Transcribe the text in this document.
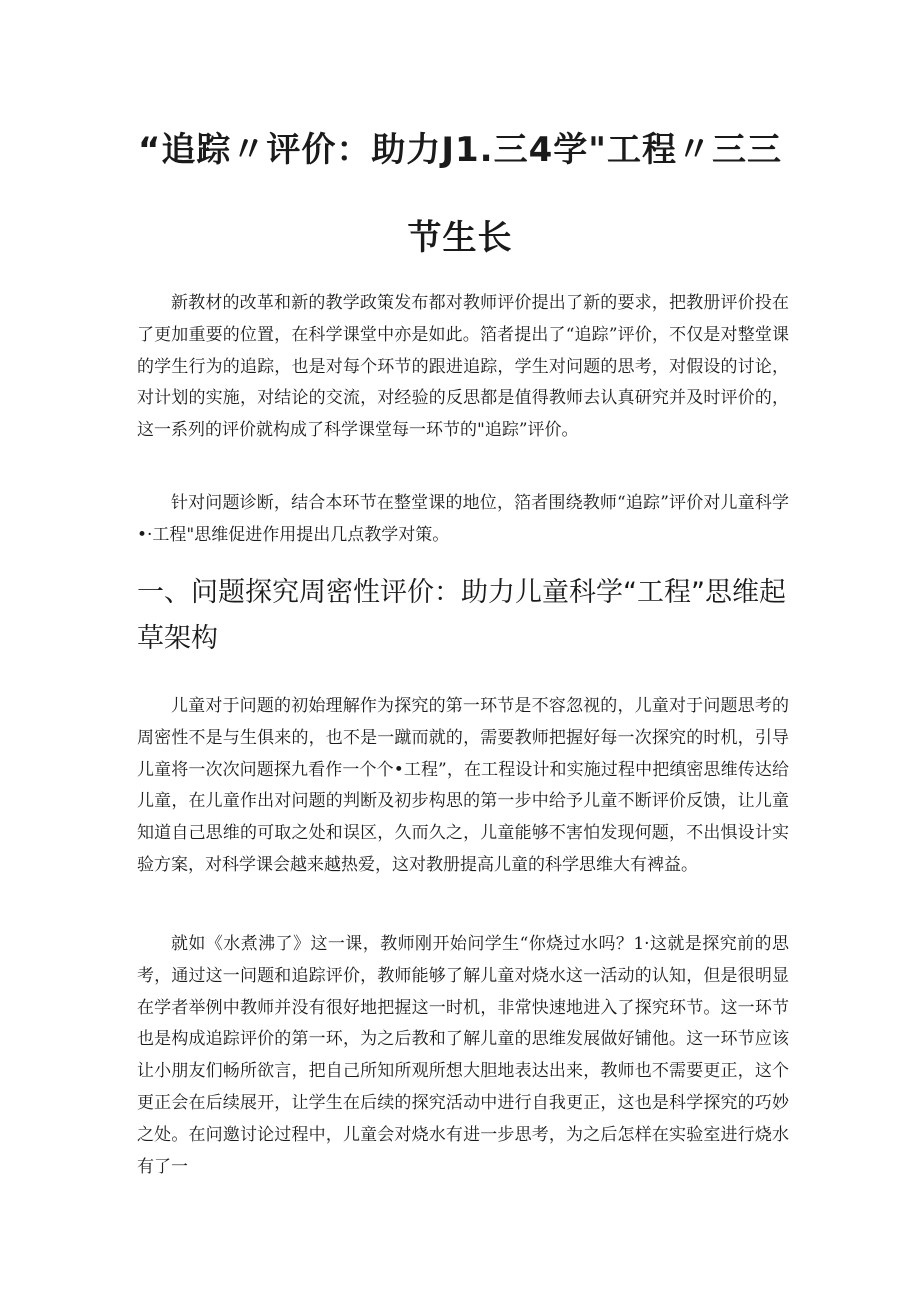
“追踪〃评价：助力J1.三4学"工程〃三三
节生长

新教材的改革和新的教学政策发布都对教师评价提出了新的要求，把教册评价投在了更加重要的位置，在科学课堂中亦是如此。箔者提出了“追踪”评价，不仅是对整堂课的学生行为的追踪，也是对每个环节的跟进追踪，学生对问题的思考，对假设的讨论，对计划的实施，对结论的交流，对经验的反思都是值得教师去认真研究并及时评价的，这一系列的评价就构成了科学课堂每一环节的"追踪”评价。

针对问题诊断，结合本环节在整堂课的地位，箔者围绕教师“追踪”评价对儿童科学•·工程"思维促进作用提出几点教学对策。

一、问题探究周密性评价：助力儿童科学“工程”思维起草架构

儿童对于问题的初始理解作为探究的第一环节是不容忽视的，儿童对于问题思考的周密性不是与生俱来的，也不是一蹴而就的，需要教师把握好每一次探究的时机，引导儿童将一次次问题探九看作一个个•工程”，在工程设计和实施过程中把缜密思维传达给儿童，在儿童作出对问题的判断及初步构思的第一步中给予儿童不断评价反馈，让儿童知道自己思维的可取之处和误区，久而久之，儿童能够不害怕发现何题，不出惧设计实验方案，对科学课会越来越热爱，这对教册提高儿童的科学思维大有裨益。

就如《水煮沸了》这一课，教师刚开始问学生“你烧过水吗？1·这就是探究前的思考，通过这一问题和追踪评价，教师能够了解儿童对烧水这一活动的认知，但是很明显在学者举例中教师并没有很好地把握这一时机，非常快速地进入了探究环节。这一环节也是构成追踪评价的第一环，为之后教和了解儿童的思维发展做好铺他。这一环节应该让小朋友们畅所欲言，把自己所知所观所想大胆地表达出来，教师也不需要更正，这个更正会在后续展开，让学生在后续的探究活动中进行自我更正，这也是科学探究的巧妙之处。在问邀讨论过程中，儿童会对烧水有进一步思考，为之后怎样在实验室进行烧水有了一
